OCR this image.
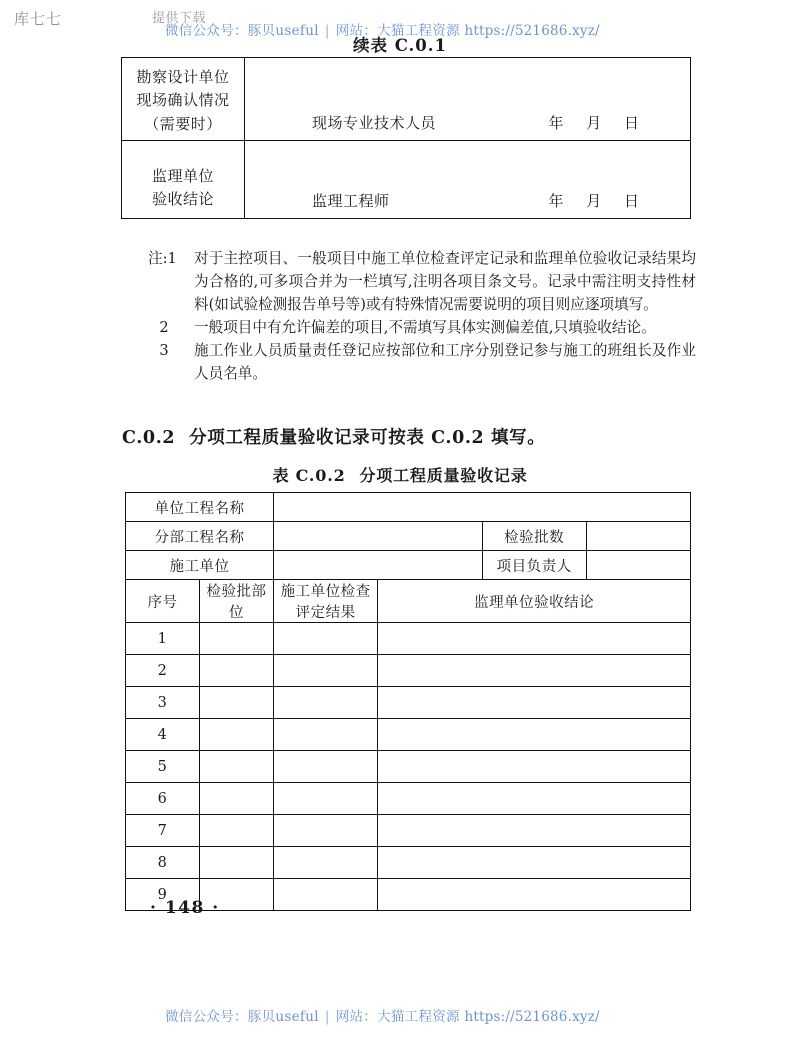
库七七	提供下载
微信公众号：豚贝useful | 网站：大猫工程资源 https://521686.xyz/
续表 C.0.1
勘察设计单位
现场确认情况
（需要时）	现场专业技术人员	年 月 日

监理单位
验收结论	监理工程师	年 月 日
注:1	对于主控项目、一般项目中施工单位检查评定记录和监理单位验收记录结果均为合格的,可多项合并为一栏填写,注明各项目条文号。记录中需注明支持性材料(如试验检测报告单号等)或有特殊情况需要说明的项目则应逐项填写。
2	一般项目中有允许偏差的项目,不需填写具体实测偏差值,只填验收结论。
3	施工作业人员质量责任登记应按部位和工序分别登记参与施工的班组长及作业人员名单。
C.0.2 分项工程质量验收记录可按表 C.0.2 填写。
表 C.0.2 分项工程质量验收记录
单位工程名称					
分部工程名称				检验批数	
施工单位				项目负责人	
序号	检验批部位	施工单位检查评定结果	监理单位验收结论		
1					
2					
3					
4					
5					
6					
7					
8					
9					
· 148 ·
微信公众号：豚贝useful | 网站：大猫工程资源 https://521686.xyz/
